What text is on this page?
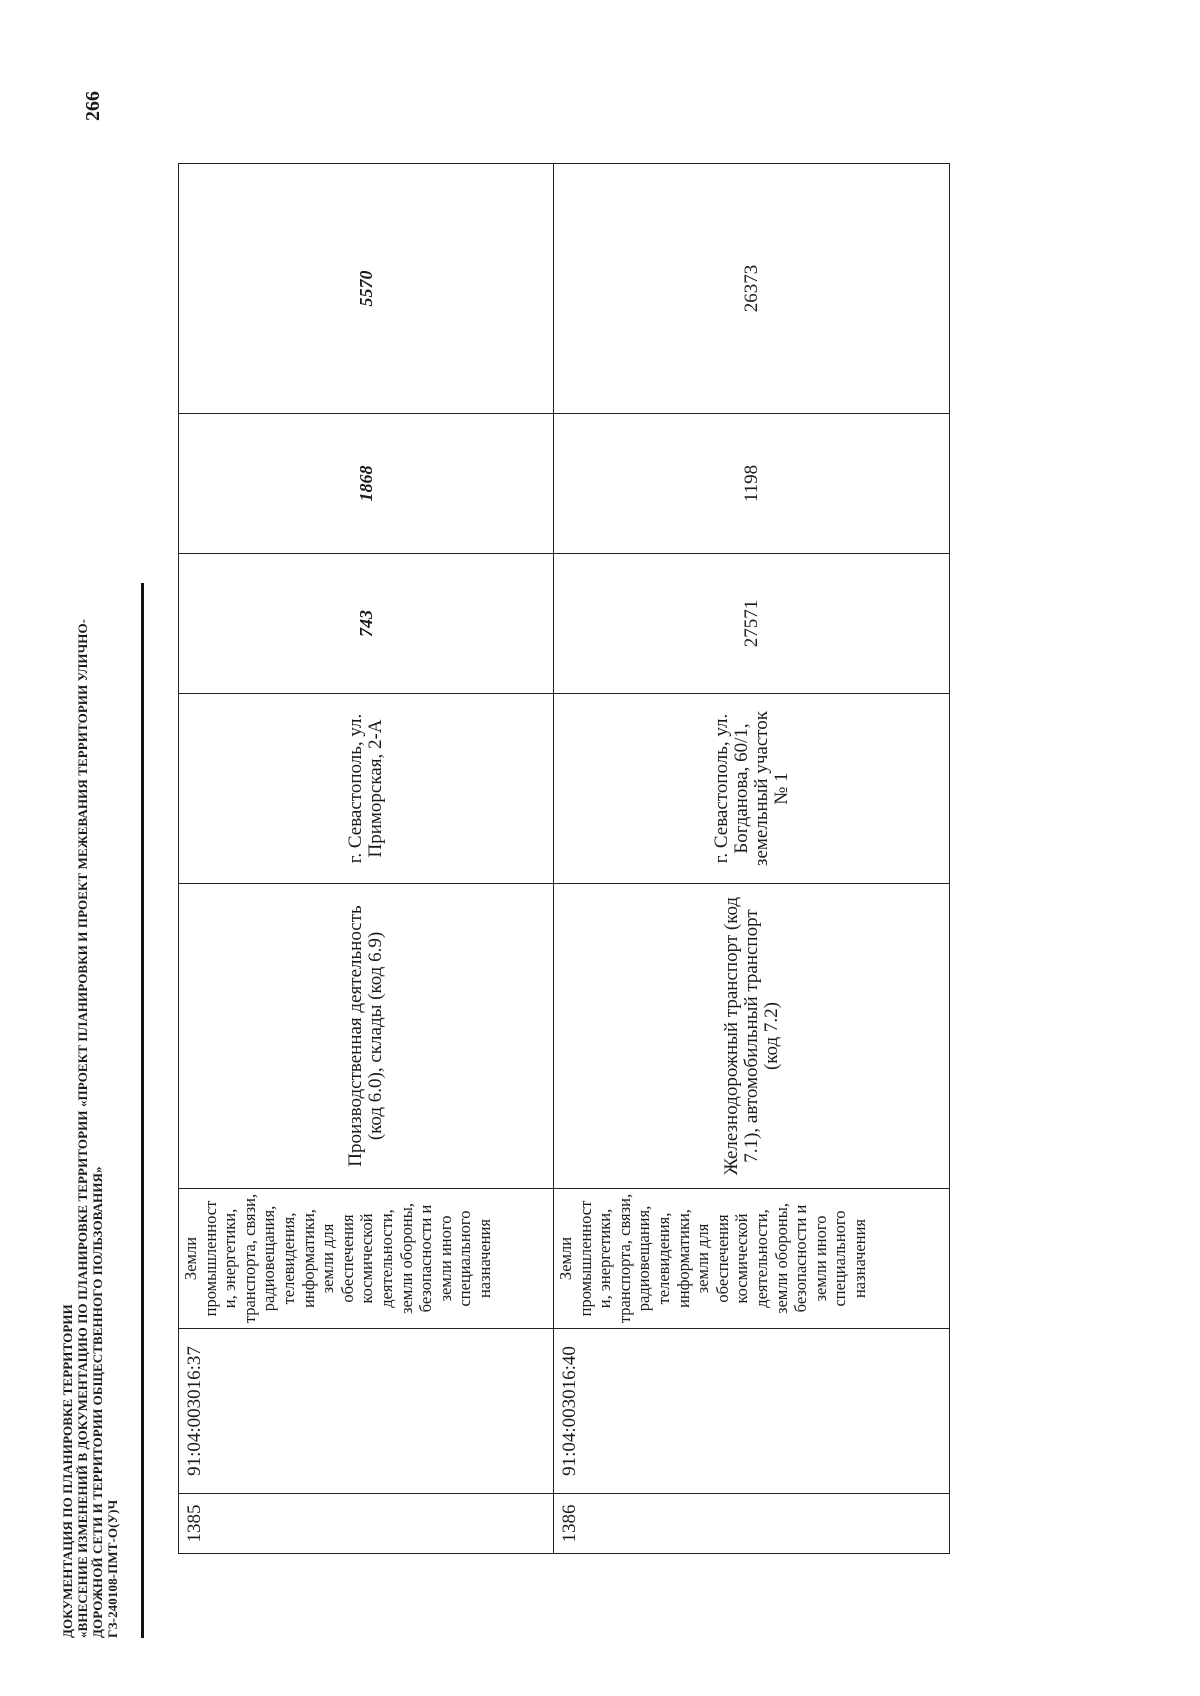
ДОКУМЕНТАЦИЯ ПО ПЛАНИРОВКЕ ТЕРРИТОРИИ «ВНЕСЕНИЕ ИЗМЕНЕНИЙ В ДОКУМЕНТАЦИЮ ПО ПЛАНИРОВКЕ ТЕРРИТОРИИ «ПРОЕКТ ПЛАНИРОВКИ И ПРОЕКТ МЕЖЕВАНИЯ ТЕРРИТОРИИ УЛИЧНО- ДОРОЖНОЙ СЕТИ И ТЕРРИТОРИИ ОБЩЕСТВЕННОГО ПОЛЬЗОВАНИЯ» ГЗ-240108-ПМТ-О(У)Ч
266
1385	91:04:003016:37	Земли промышленност и, энергетики, транспорта, связи, радиовещания, телевидения, информатики, земли для обеспечения космической деятельности, земли обороны, безопасности и земли иного специального назначения	Производственная деятельность (код 6.0), склады (код 6.9)	г. Севастополь, ул. Приморская, 2-А	743	1868	5570
1386	91:04:003016:40	Земли промышленност и, энергетики, транспорта, связи, радиовещания, телевидения, информатики, земли для обеспечения космической деятельности, земли обороны, безопасности и земли иного специального назначения	Железнодорожный транспорт (код 7.1), автомобильный транспорт (код 7.2)	г. Севастополь, ул. Богданова, 60/1, земельный участок № 1	27571	1198	26373
